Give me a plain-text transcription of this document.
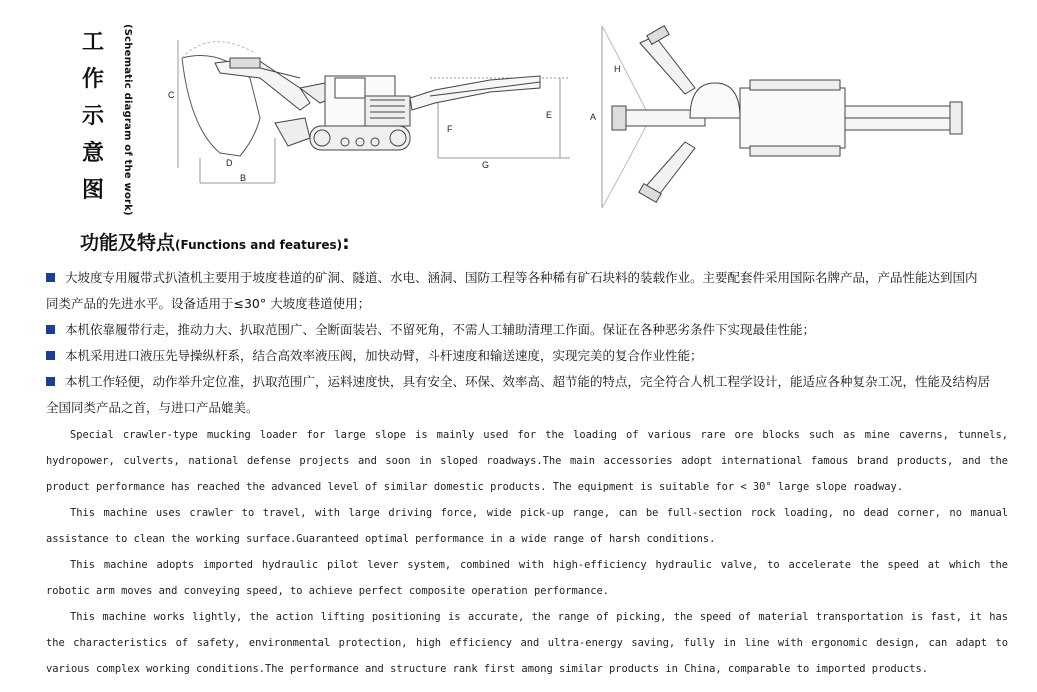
工
作
示
意
图	(Schematic diagram of the work)	C
D
B
F
E
G
H
A
功能及特点(Functions and features):
大坡度专用履带式扒渣机主要用于坡度巷道的矿洞、隧道、水电、涵洞、国防工程等各种稀有矿石块料的装载作业。主要配套件采用国际名牌产品，产品性能达到国内
同类产品的先进水平。设备适用于≤30° 大坡度巷道使用；
本机依靠履带行走，推动力大、扒取范围广、全断面装岩、不留死角，不需人工辅助清理工作面。保证在各种恶劣条件下实现最佳性能；
本机采用进口液压先导操纵杆系，结合高效率液压阀，加快动臂，斗杆速度和输送速度，实现完美的复合作业性能；
本机工作轻便，动作举升定位准，扒取范围广，运料速度快，具有安全、环保、效率高、超节能的特点，完全符合人机工程学设计，能适应各种复杂工况，性能及结构居
全国同类产品之首，与进口产品媲美。
Special crawler-type mucking loader for large slope is mainly used for the loading of various rare ore blocks such as mine caverns, tunnels, hydropower, culverts, national defense projects and soon in sloped roadways.The main accessories adopt international famous brand products, and the product performance has reached the advanced level of similar domestic products. The equipment is suitable for < 30° large slope roadway.
This machine uses crawler to travel, with large driving force, wide pick-up range, can be full-section rock loading, no dead corner, no manual assistance to clean the working surface.Guaranteed optimal performance in a wide range of harsh conditions.
This machine adopts imported hydraulic pilot lever system, combined with high-efficiency hydraulic valve, to accelerate the speed at which the robotic arm moves and conveying speed, to achieve perfect composite operation performance.
This machine works lightly, the action lifting positioning is accurate, the range of picking, the speed of material transportation is fast, it has the characteristics of safety, environmental protection, high efficiency and ultra-energy saving, fully in line with ergonomic design, can adapt to various complex working conditions.The performance and structure rank first among similar products in China, comparable to imported products.
